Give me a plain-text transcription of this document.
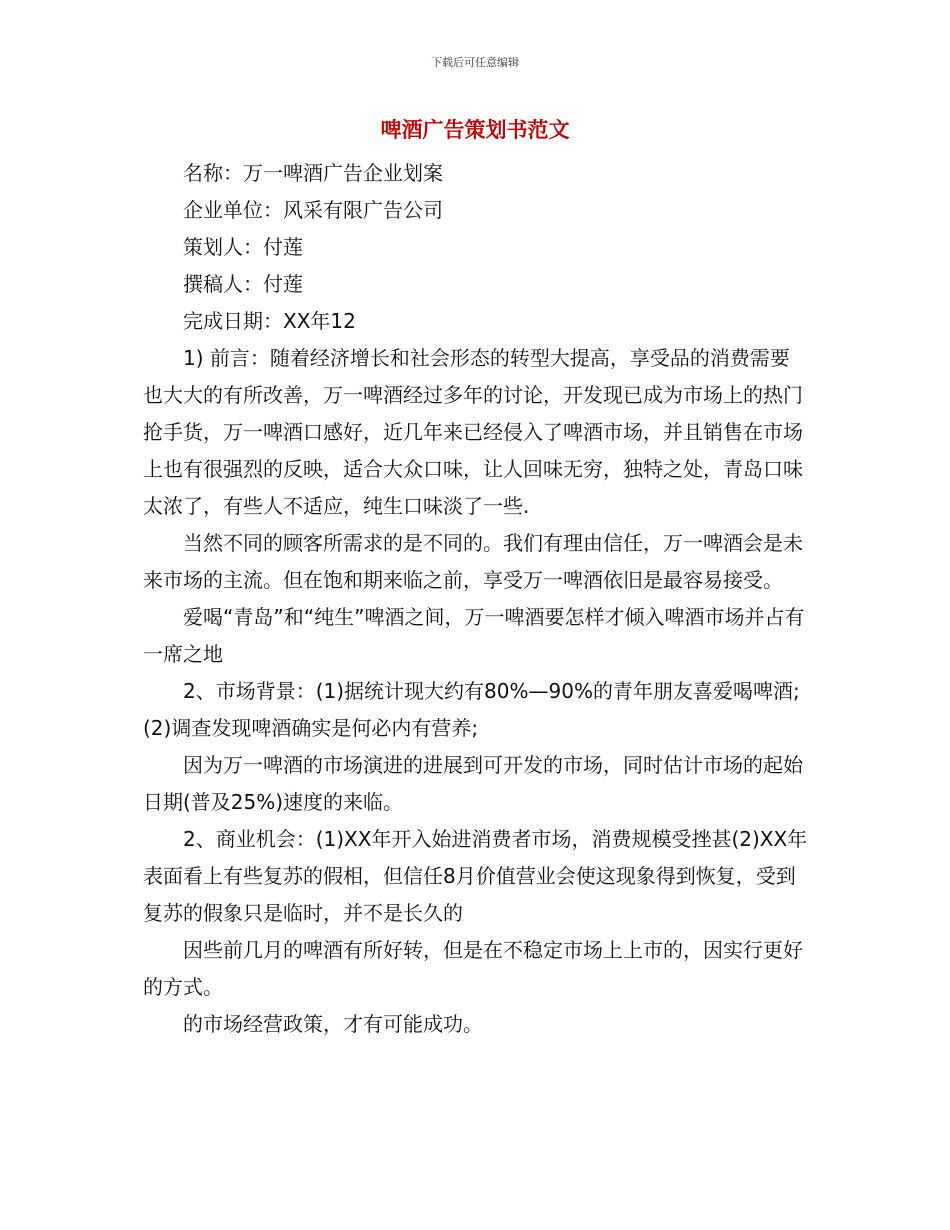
下载后可任意编辑
啤酒广告策划书范文

名称：万一啤酒广告企业划案

企业单位：风采有限广告公司

策划人：付莲

撰稿人：付莲

完成日期：XX年12

1) 前言：随着经济增长和社会形态的转型大提高，享受品的消费需要也大大的有所改善，万一啤酒经过多年的讨论，开发现已成为市场上的热门抢手货，万一啤酒口感好，近几年来已经侵入了啤酒市场，并且销售在市场上也有很强烈的反映，适合大众口味，让人回味无穷，独特之处，青岛口味太浓了，有些人不适应，纯生口味淡了一些.

当然不同的顾客所需求的是不同的。我们有理由信任，万一啤酒会是未来市场的主流。但在饱和期来临之前，享受万一啤酒依旧是最容易接受。

爱喝“青岛”和“纯生”啤酒之间，万一啤酒要怎样才倾入啤酒市场并占有一席之地

2、市场背景：(1)据统计现大约有80%—90%的青年朋友喜爱喝啤酒;(2)调查发现啤酒确实是何必内有营养;

因为万一啤酒的市场演进的进展到可开发的市场，同时估计市场的起始日期(普及25%)速度的来临。

2、商业机会：(1)XX年开入始进消费者市场，消费规模受挫甚(2)XX年表面看上有些复苏的假相，但信任8月价值营业会使这现象得到恢复，受到复苏的假象只是临时，并不是长久的

因些前几月的啤酒有所好转，但是在不稳定市场上上市的，因实行更好的方式。

的市场经营政策，才有可能成功。
